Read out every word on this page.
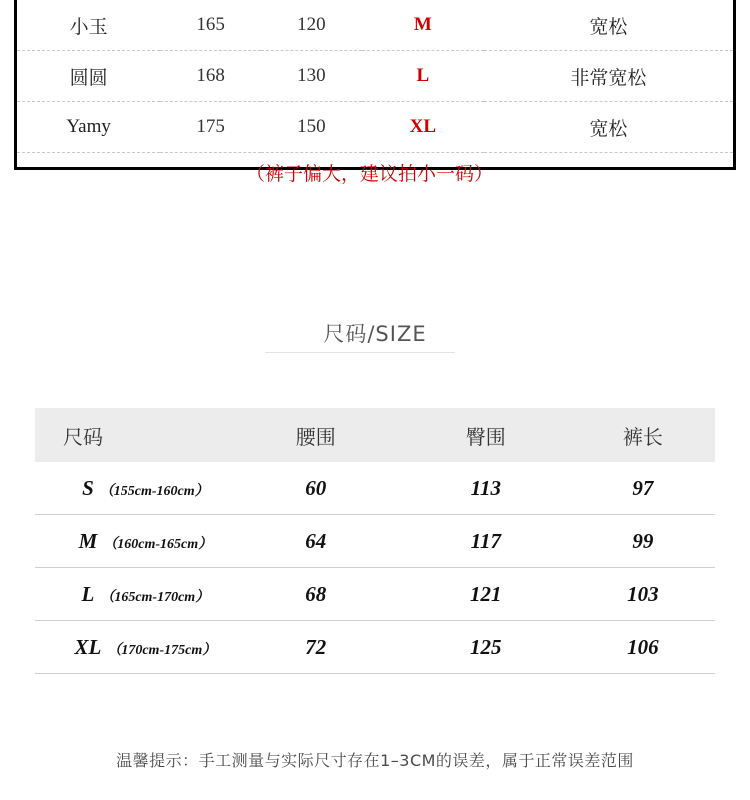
小玉	165	120	M	宽松
圆圆	168	130	L	非常宽松
Yamy	175	150	XL	宽松
（裤子偏大，建议拍小一码）				
尺码/SIZE
尺码	腰围	臀围	裤长
S （155cm-160cm）	60	113	97
M （160cm-165cm）	64	117	99
L （165cm-170cm）	68	121	103
XL （170cm-175cm）	72	125	106
温馨提示：手工测量与实际尺寸存在1–3CM的误差，属于正常误差范围
